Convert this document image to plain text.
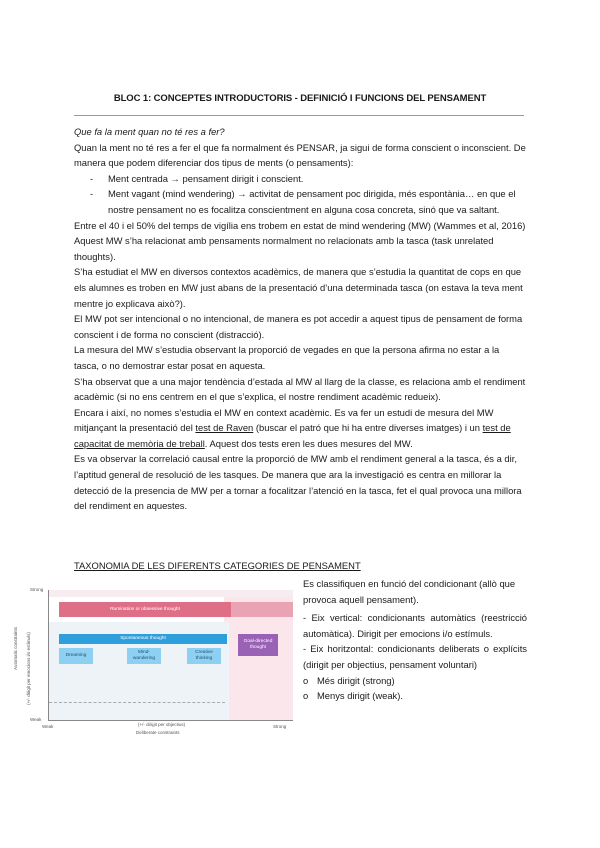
BLOC 1: CONCEPTES INTRODUCTORIS - DEFINICIÓ I FUNCIONS DEL PENSAMENT

Que fa la ment quan no té res a fer?

Quan la ment no té res a fer el que fa normalment és PENSAR, ja sigui de forma conscient o inconscient. De manera que podem diferenciar dos tipus de ments (o pensaments):

- Ment centrada → pensament dirigit i conscient.

- Ment vagant (mind wendering) → activitat de pensament poc dirigida, més espontània… en que el nostre pensament no es focalitza conscientment en alguna cosa concreta, sinó que va saltant.

Entre el 40 i el 50% del temps de vigília ens trobem en estat de mind wendering (MW) (Wammes et al, 2016)

Aquest MW s’ha relacionat amb pensaments normalment no relacionats amb la tasca (task unrelated thoughts).

S’ha estudiat el MW en diversos contextos acadèmics, de manera que s’estudia la quantitat de cops en que els alumnes es troben en MW just abans de la presentació d’una determinada tasca (on estava la teva ment mentre jo explicava això?).

El MW pot ser intencional o no intencional, de manera es pot accedir a aquest tipus de pensament de forma conscient i de forma no conscient (distracció).

La mesura del MW s’estudia observant la proporció de vegades en que la persona afirma no estar a la tasca, o no demostrar estar posat en aquesta.

S’ha observat que a una major tendència d’estada al MW al llarg de la classe, es relaciona amb el rendiment acadèmic (si no ens centrem en el que s’explica, el nostre rendiment acadèmic redueix).

Encara i així, no nomes s’estudia el MW en context acadèmic. Es va fer un estudi de mesura del MW mitjançant la presentació del test de Raven (buscar el patró que hi ha entre diverses imatges) i un test de capacitat de memòria de treball. Aquest dos tests eren les dues mesures del MW.

Es va observar la correlació causal entre la proporció de MW amb el rendiment general a la tasca, és a dir, l’aptitud general de resolució de les tasques. De manera que ara la investigació es centra en millorar la detecció de la presencia de MW per a tornar a focalitzar l’atenció en la tasca, fet el qual provoca una millora del rendiment en aquestes.

TAXONOMIA DE LES DIFERENTS CATEGORIES DE PENSAMENT
Automatic constraints (+/- dirigit per emocions i/o estímuls)
Strong
Weak
Rumination or obsessive thought
Spontaneous thought
Dreaming
Mind-wandering
Creative thinking
Goal-directed thought
Weak	Strong
(+/- dirigit per objectius)
Deliberate constraints

Es classifiquen en funció del condicionant (allò que provoca aquell pensament).

- Eix vertical: condicionants automàtics (reestricció automàtica). Dirigit per emocions i/o estímuls.

- Eix horitzontal: condicionants deliberats o explícits (dirigit per objectius, pensament voluntari)

o Més dirigit (strong)

o Menys dirigit (weak).
